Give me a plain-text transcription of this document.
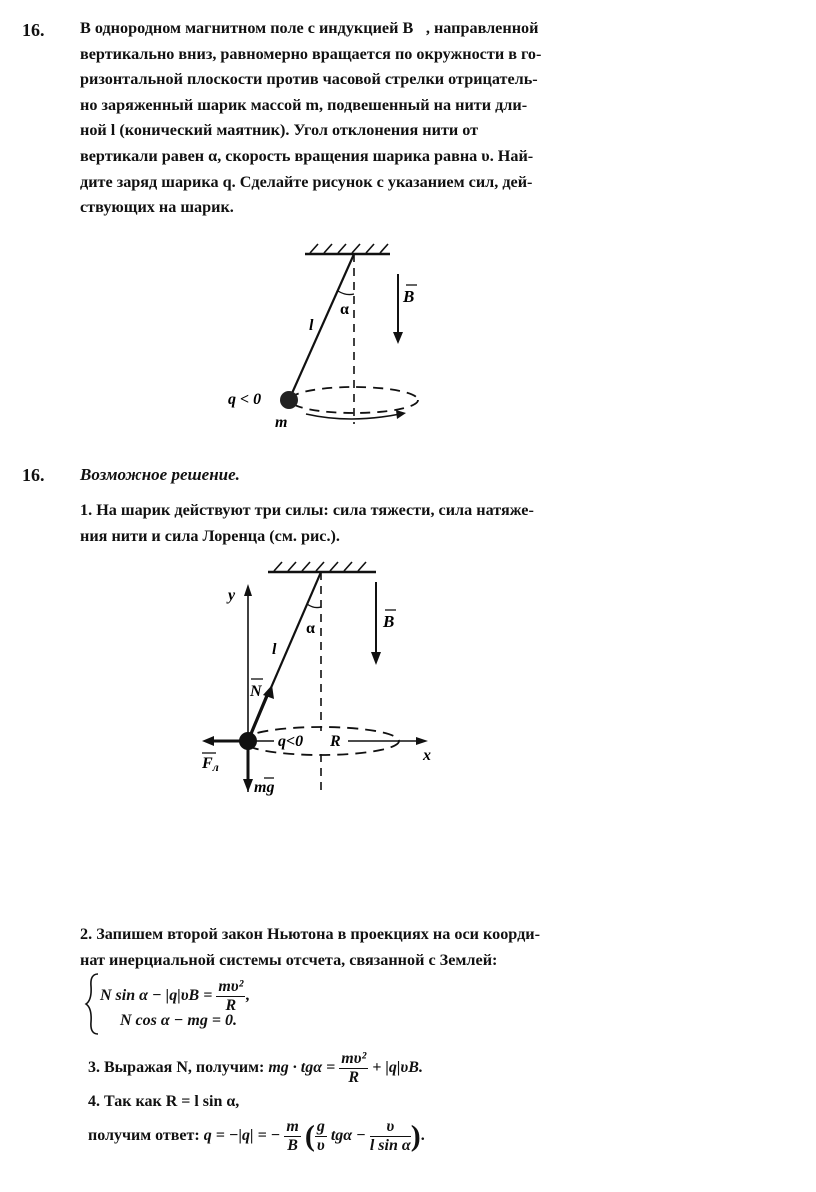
16. В однородном магнитном поле с индукцией B⃗, направленной
вертикально вниз, равномерно вращается по окружности в го-
ризонтальной плоскости против часовой стрелки отрицатель-
но заряженный шарик массой m, подвешенный на нити дли-
ной l (конический маятник). Угол отклонения нити от
вертикали равен α, скорость вращения шарика равна υ. Най-
дите заряд шарика q. Сделайте рисунок с указанием сил, дей-
ствующих на шарик.
α
l
B
q < 0
m
16. Возможное решение.
1. На шарик действуют три силы: сила тяжести, сила натяже-
ния нити и сила Лоренца (см. рис.).
y
x
α
l
B
N
Fл
mg
q<0 R
2. Запишем второй закон Ньютона в проекциях на оси коорди-
нат инерциальной системы отсчета, связанной с Землей:
N $\sin \alpha - |q|\upsilon B = \frac{\text{mυ²}}{R}$ ,
N cos α − mg = 0.
3. Выражая N, получим: mg · $tg\alpha = \frac{\text{mυ²}}{R} + |q|\upsilon B$.
4. Так как R = l sin α,
получим ответ: q = −|q| = − $\frac{m}{B}$ ( $\frac{g}{\upsilon}$ $tg\alpha - \frac{\upsilon}{\text{l sin α}}$ ).
